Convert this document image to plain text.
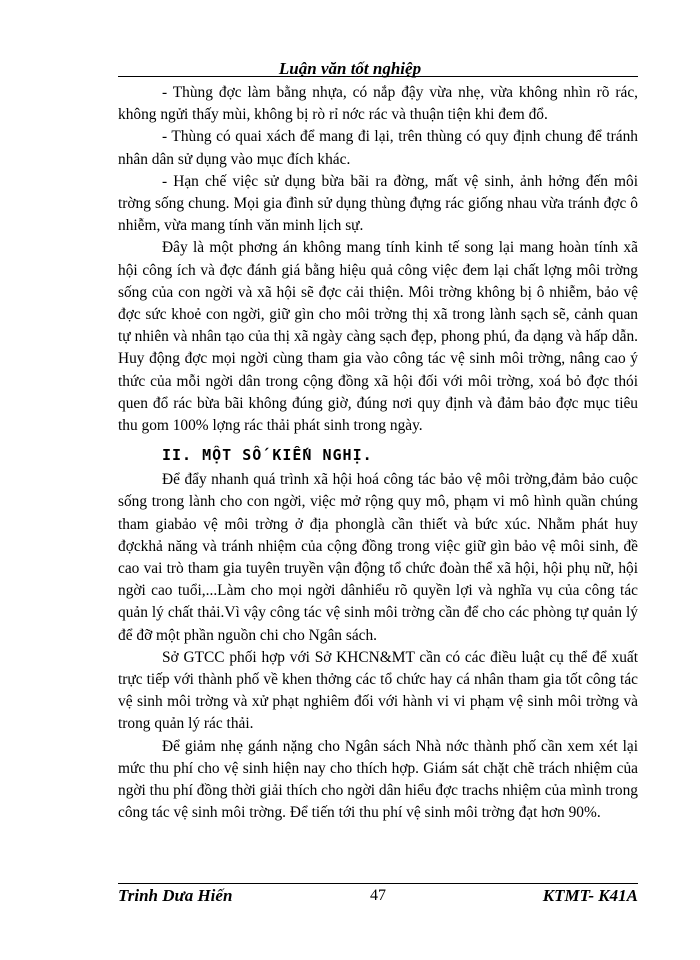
Luận văn tốt nghiệp

- Thùng đợc làm bằng nhựa, có nắp đậy vừa nhẹ, vừa không nhìn rõ rác, không ngửi thấy mùi, không bị rò rỉ nớc rác và thuận tiện khi đem đổ.

- Thùng có quai xách để mang đi lại, trên thùng có quy định chung để tránh nhân dân sử dụng vào mục đích khác.

- Hạn chế việc sử dụng bừa bãi ra đờng, mất vệ sinh, ảnh hởng đến môi trờng sống chung. Mọi gia đình sử dụng thùng đựng rác giống nhau vừa tránh đợc ô nhiễm, vừa mang tính văn minh lịch sự.

Đây là một phơng án không mang tính kinh tế song lại mang hoàn tính xã hội công ích và đợc đánh giá bằng hiệu quả công việc đem lại chất lợng môi trờng sống của con ngời và xã hội sẽ đợc cải thiện. Môi trờng không bị ô nhiễm, bảo vệ đợc sức khoẻ con ngời, giữ gìn cho môi trờng thị xã trong lành sạch sẽ, cảnh quan tự nhiên và nhân tạo của thị xã ngày càng sạch đẹp, phong phú, đa dạng và hấp dẫn. Huy động đợc mọi ngời cùng tham gia vào công tác vệ sinh môi trờng, nâng cao ý thức của mỗi ngời dân trong cộng đồng xã hội đối với môi trờng, xoá bỏ đợc thói quen đổ rác bừa bãi không đúng giờ, đúng nơi quy định và đảm bảo đợc mục tiêu thu gom 100% lợng rác thải phát sinh trong ngày.

II. MỘT SỐ KIẾN NGHỊ.

Để đẩy nhanh quá trình xã hội hoá công tác bảo vệ môi trờng,đảm bảo cuộc sống trong lành cho con ngời, việc mở rộng quy mô, phạm vi mô hình quần chúng tham giabảo vệ môi trờng ở địa phonglà cần thiết và bức xúc. Nhằm phát huy đợckhả năng và tránh nhiệm của cộng đồng trong việc giữ gìn bảo vệ môi sinh, đề cao vai trò tham gia tuyên truyền vận động tổ chức đoàn thể xã hội, hội phụ nữ, hội ngời cao tuổi,...Làm cho mọi ngời dânhiểu rõ quyền lợi và nghĩa vụ của công tác quản lý chất thải.Vì vậy công tác vệ sinh môi trờng cần để cho các phòng tự quản lý để đỡ một phần nguồn chi cho Ngân sách.

Sở GTCC phối hợp với Sở KHCN&MT cần có các điều luật cụ thể để xuất trực tiếp với thành phố về khen thởng các tổ chức hay cá nhân tham gia tốt công tác vệ sinh môi trờng và xử phạt nghiêm đối với hành vi vi phạm vệ sinh môi trờng và trong quản lý rác thải.

Để giảm nhẹ gánh nặng cho Ngân sách Nhà nớc thành phố cần xem xét lại mức thu phí cho vệ sinh hiện nay cho thích hợp. Giám sát chặt chẽ trách nhiệm của ngời thu phí đồng thời giải thích cho ngời dân hiểu đợc trachs nhiệm của mình trong công tác vệ sinh môi trờng. Để tiến tới thu phí vệ sinh môi trờng đạt hơn 90%.

Trinh Dưa Hiến	47	KTMT- K41A
